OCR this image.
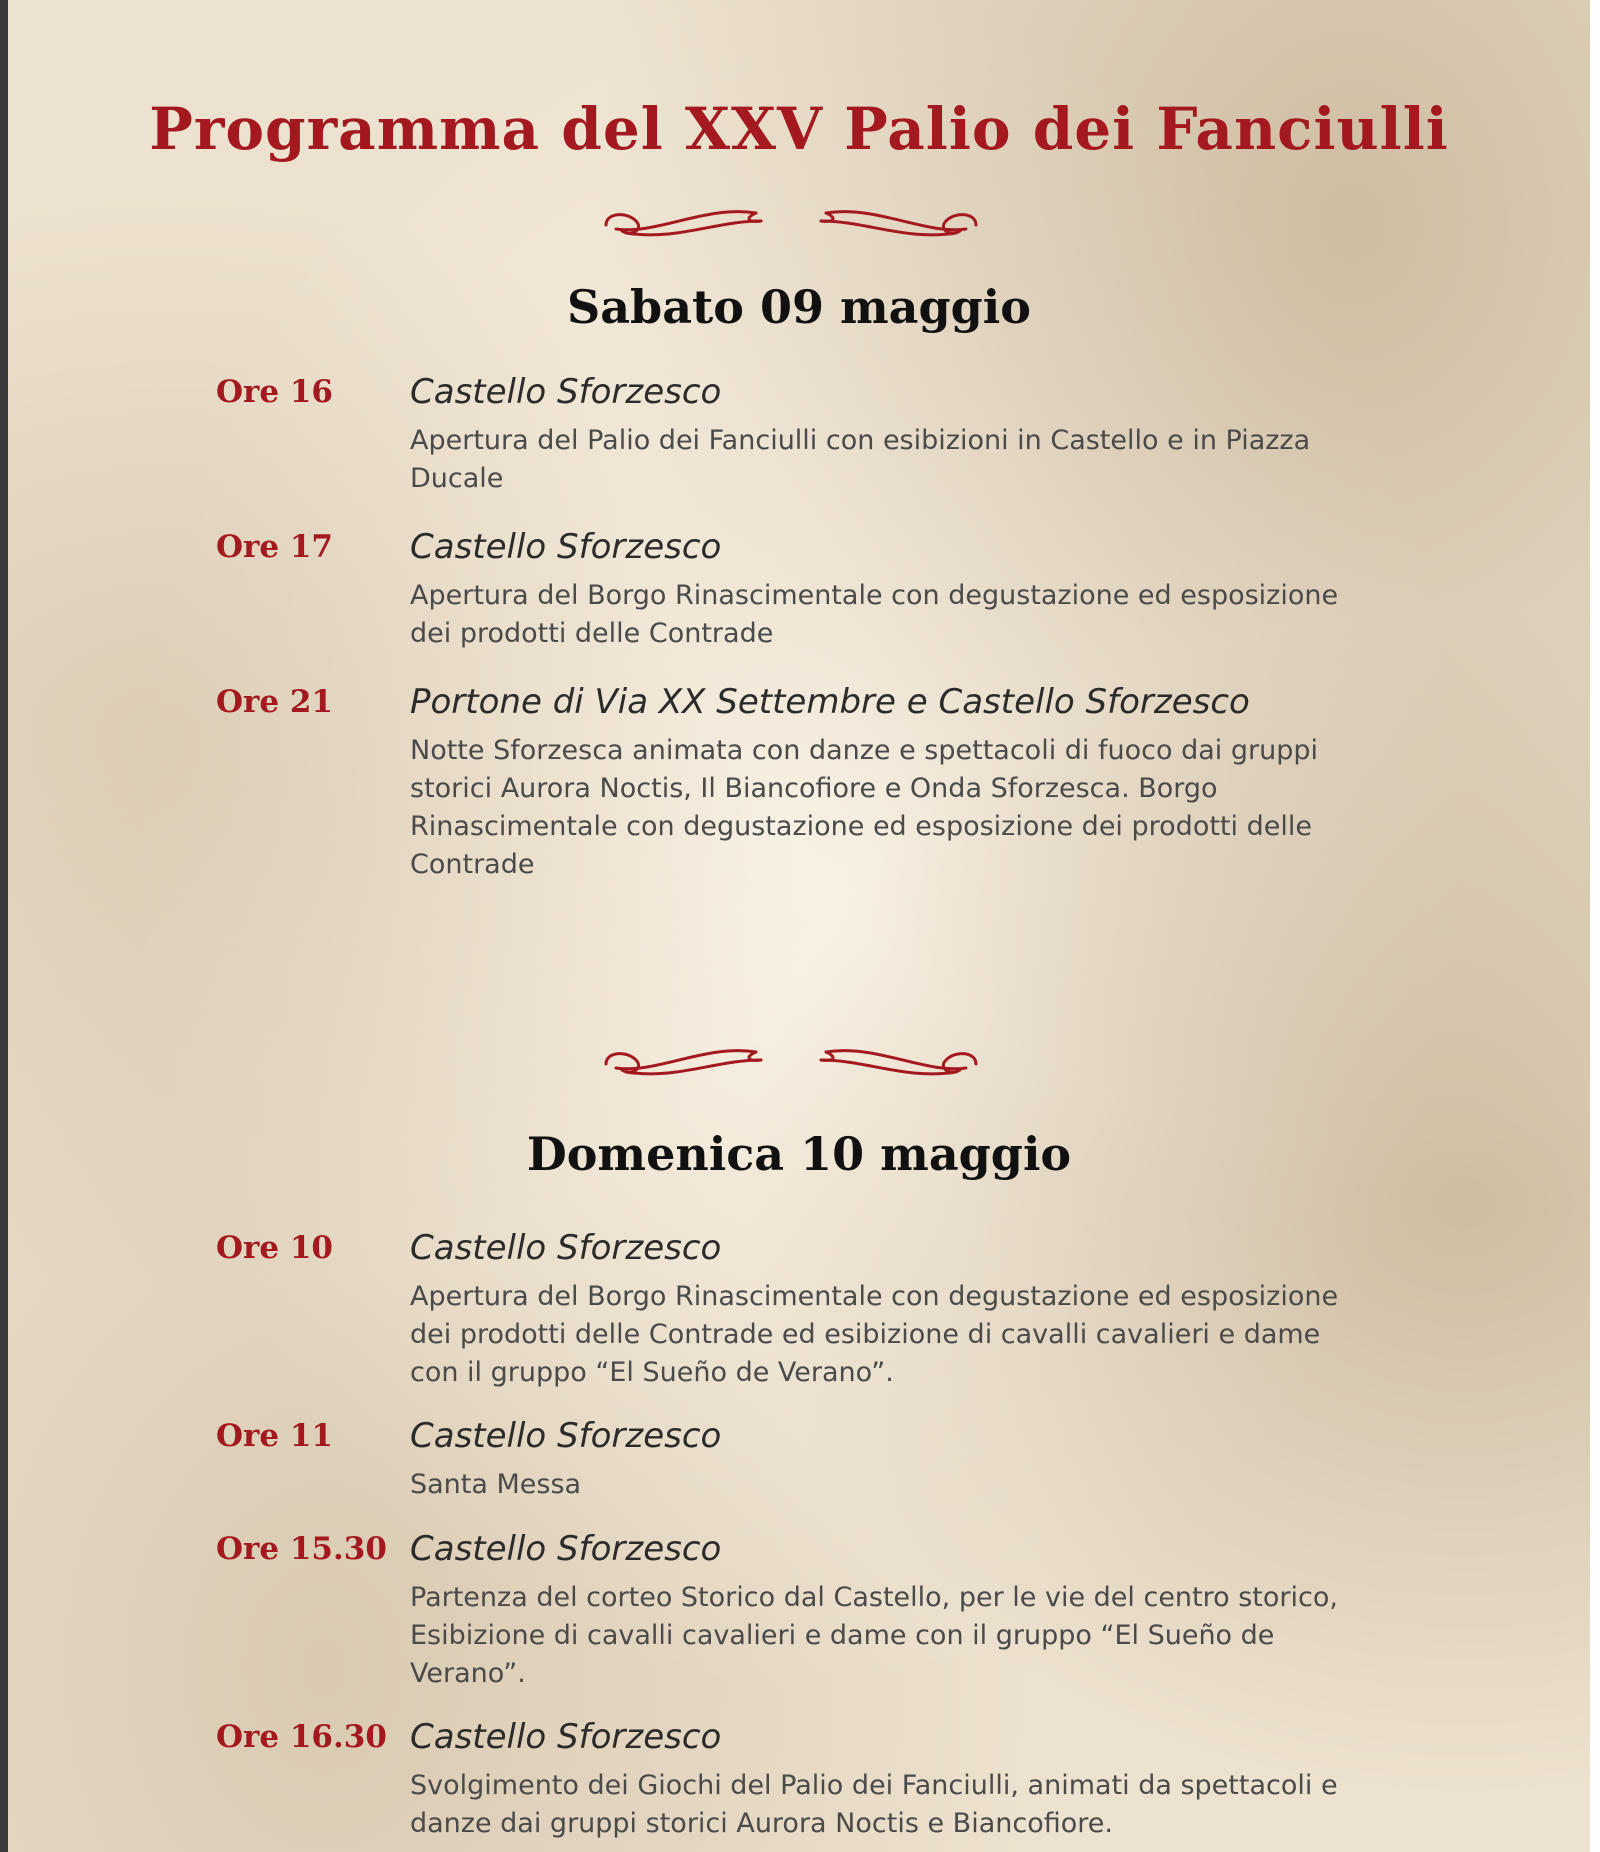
Programma del XXV Palio dei Fanciulli
Sabato 09 maggio
Ore 16 Castello Sforzesco
Apertura del Palio dei Fanciulli con esibizioni in Castello e in Piazza Ducale
Ore 17 Castello Sforzesco
Apertura del Borgo Rinascimentale con degustazione ed esposizione dei prodotti delle Contrade
Ore 21 Portone di Via XX Settembre e Castello Sforzesco
Notte Sforzesca animata con danze e spettacoli di fuoco dai gruppi storici Aurora Noctis, Il Biancofiore e Onda Sforzesca. Borgo Rinascimentale con degustazione ed esposizione dei prodotti delle Contrade
Domenica 10 maggio
Ore 10 Castello Sforzesco
Apertura del Borgo Rinascimentale con degustazione ed esposizione dei prodotti delle Contrade ed esibizione di cavalli cavalieri e dame con il gruppo “El Sueño de Verano”.
Ore 11 Castello Sforzesco
Santa Messa
Ore 15.30 Castello Sforzesco
Partenza del corteo Storico dal Castello, per le vie del centro storico, Esibizione di cavalli cavalieri e dame con il gruppo “El Sueño de Verano”.
Ore 16.30 Castello Sforzesco
Svolgimento dei Giochi del Palio dei Fanciulli, animati da spettacoli e danze dai gruppi storici Aurora Noctis e Biancofiore.
